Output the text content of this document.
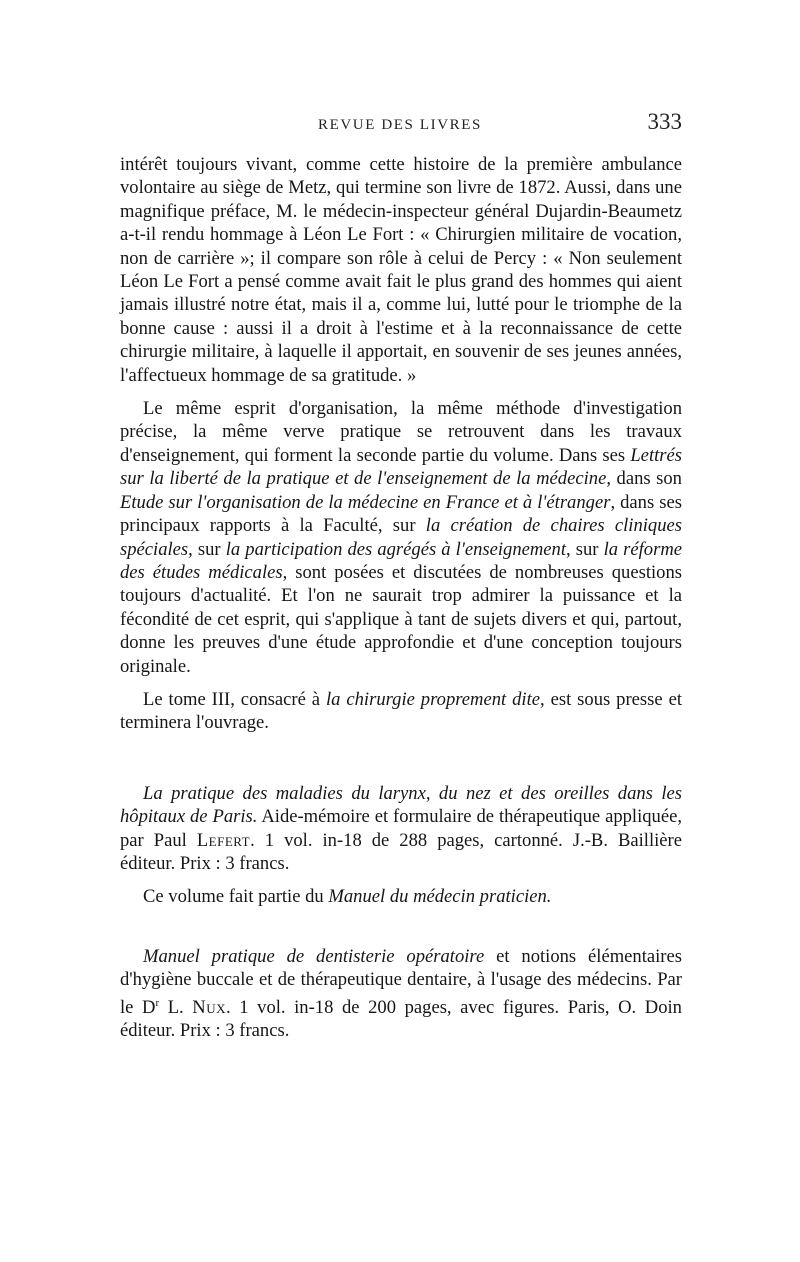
REVUE DES LIVRES	333

intérêt toujours vivant, comme cette histoire de la première ambulance volontaire au siège de Metz, qui termine son livre de 1872. Aussi, dans une magnifique préface, M. le médecin-inspecteur général Dujardin-Beaumetz a-t-il rendu hommage à Léon Le Fort : « Chirurgien militaire de vocation, non de carrière »; il compare son rôle à celui de Percy : « Non seulement Léon Le Fort a pensé comme avait fait le plus grand des hommes qui aient jamais illustré notre état, mais il a, comme lui, lutté pour le triomphe de la bonne cause : aussi il a droit à l'estime et à la reconnaissance de cette chirurgie militaire, à laquelle il apportait, en souvenir de ses jeunes années, l'affectueux hommage de sa gratitude. »

Le même esprit d'organisation, la même méthode d'investigation précise, la même verve pratique se retrouvent dans les travaux d'enseignement, qui forment la seconde partie du volume. Dans ses Lettrés sur la liberté de la pratique et de l'enseignement de la médecine, dans son Etude sur l'organisation de la médecine en France et à l'étranger, dans ses principaux rapports à la Faculté, sur la création de chaires cliniques spéciales, sur la participation des agrégés à l'enseignement, sur la réforme des études médicales, sont posées et discutées de nombreuses questions toujours d'actualité. Et l'on ne saurait trop admirer la puissance et la fécondité de cet esprit, qui s'applique à tant de sujets divers et qui, partout, donne les preuves d'une étude approfondie et d'une conception toujours originale.

Le tome III, consacré à la chirurgie proprement dite, est sous presse et terminera l'ouvrage.

La pratique des maladies du larynx, du nez et des oreilles dans les hôpitaux de Paris. Aide-mémoire et formulaire de thérapeutique appliquée, par Paul Lefert. 1 vol. in-18 de 288 pages, cartonné. J.-B. Baillière éditeur. Prix : 3 francs.

Ce volume fait partie du Manuel du médecin praticien.

Manuel pratique de dentisterie opératoire et notions élémentaires d'hygiène buccale et de thérapeutique dentaire, à l'usage des médecins. Par le $D^r$ L. Nux. 1 vol. in-18 de 200 pages, avec figures. Paris, O. Doin éditeur. Prix : 3 francs.
